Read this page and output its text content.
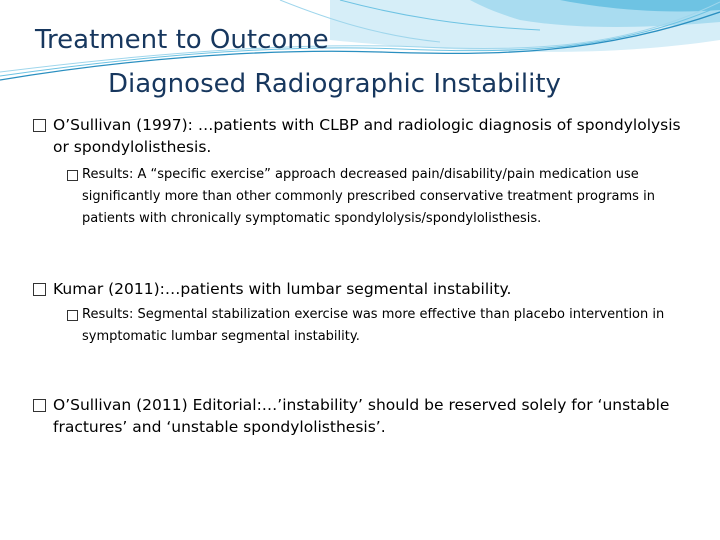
Treatment to Outcome
Diagnosed Radiographic Instability
O’Sullivan (1997): …patients with CLBP and radiologic diagnosis of spondylolysis or spondylolisthesis.
Results: A “specific exercise” approach decreased pain/disability/pain medication use significantly more than other commonly prescribed conservative treatment programs in patients with chronically symptomatic spondylolysis/spondylolisthesis.
Kumar (2011):…patients with lumbar segmental instability.
Results: Segmental stabilization exercise was more effective than placebo intervention in symptomatic lumbar segmental instability.
O’Sullivan (2011) Editorial:…’instability’ should be reserved solely for ‘unstable fractures’ and ‘unstable spondylolisthesis’.
